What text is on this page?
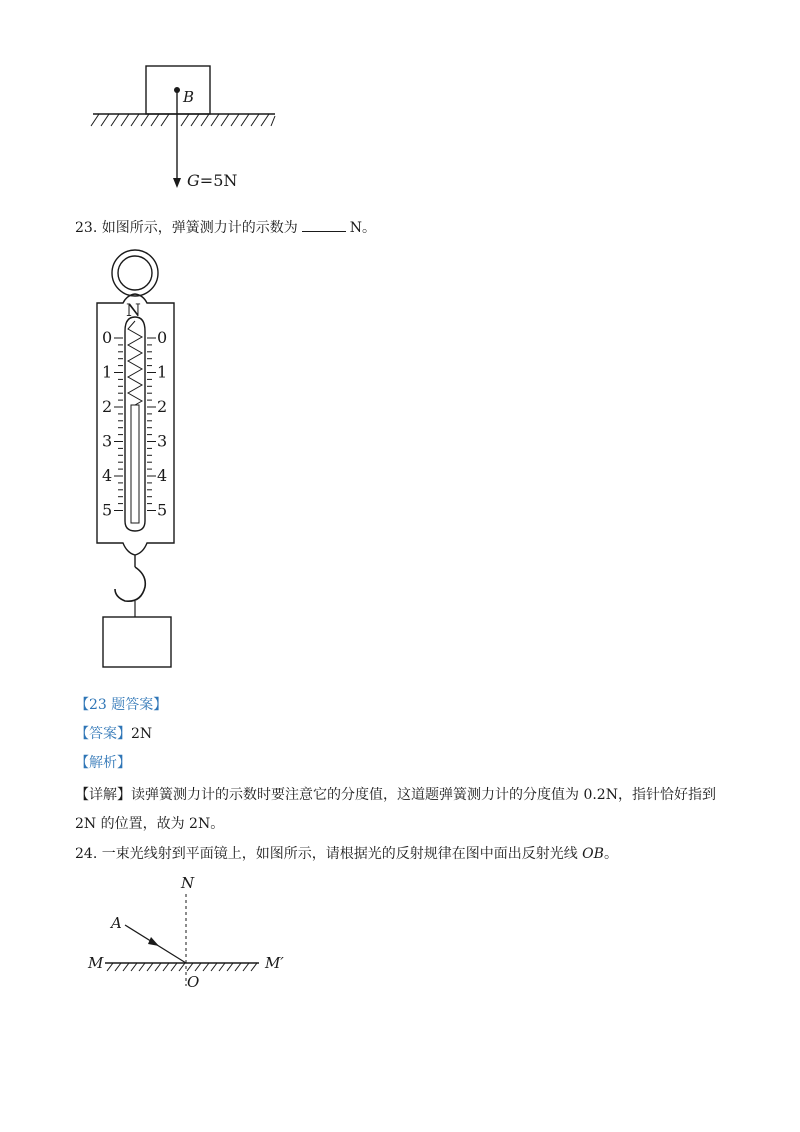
B
G=5N
23. 如图所示，弹簧测力计的示数为	N。
N
0	0
1	1
2	2
3	3
4	4
5	5
【23 题答案】
【答案】2N
【解析】
【详解】读弹簧测力计的示数时要注意它的分度值，这道题弹簧测力计的分度值为 0.2N，指针恰好指到
2N 的位置，故为 2N。
24. 一束光线射到平面镜上，如图所示，请根据光的反射规律在图中面出反射光线 OB。
N
A
M	M′
O
